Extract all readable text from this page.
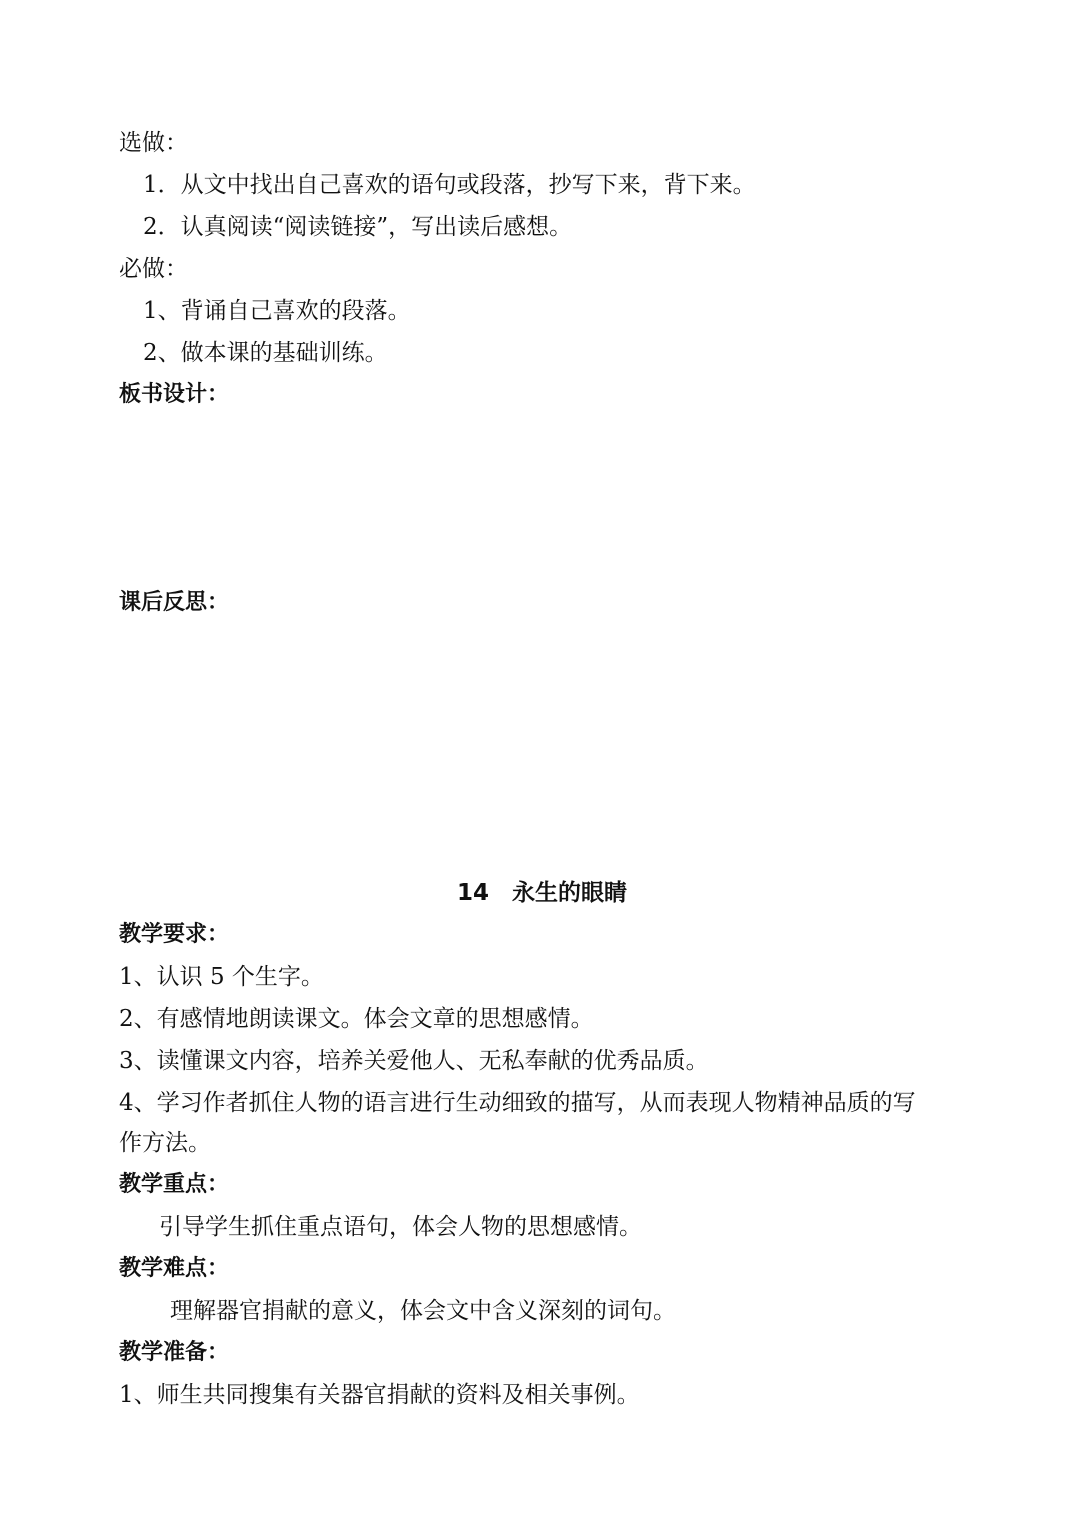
选做：
1．从文中找出自己喜欢的语句或段落，抄写下来，背下来。
2．认真阅读“阅读链接”，写出读后感想。
必做：
1、背诵自己喜欢的段落。
2、做本课的基础训练。
板书设计：
课后反思：
14　永生的眼睛
教学要求：
1、认识 5 个生字。
2、有感情地朗读课文。体会文章的思想感情。
3、读懂课文内容，培养关爱他人、无私奉献的优秀品质。
4、学习作者抓住人物的语言进行生动细致的描写，从而表现人物精神品质的写
作方法。
教学重点：
引导学生抓住重点语句，体会人物的思想感情。
教学难点：
理解器官捐献的意义，体会文中含义深刻的词句。
教学准备：
1、师生共同搜集有关器官捐献的资料及相关事例。
